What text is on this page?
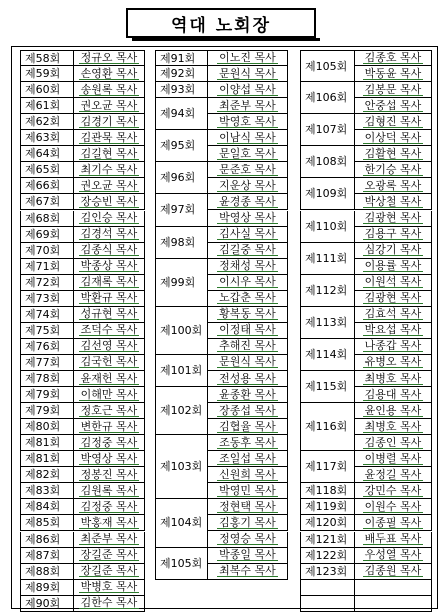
역대 노회장
제58회	정규오 목사
제59회	손영환 목사
제60회	송원록 목사
제61회	권오균 목사
제62회	김경기 목사
제63회	김관묵 목사
제64회	김길현 목사
제65회	최기수 목사
제66회	권오균 목사
제67회	장승빈 목사
제68회	김인승 목사
제69회	김경석 목사
제70회	김종식 목사
제71회	박종상 목사
제72회	김재록 목사
제73회	박환규 목사
제74회	성규현 목사
제75회	조덕수 목사
제76회	김선영 목사
제77회	김국헌 목사
제78회	윤재헌 목사
제79회	이해만 목사
제79회	정호근 목사
제80회	변한규 목사
제81회	김정중 목사
제81회	박영상 목사
제82회	정봉진 목사
제83회	김원록 목사
제84회	김정중 목사
제85회	박홍재 목사
제86회	최준부 목사
제87회	장길준 목사
제88회	장길준 목사
제89회	박병호 목사
제90회	김한수 목사
제91회	이노진 목사
제92회	문원식 목사
제93회	이양섭 목사
제94회
최준부 목사
박영호 목사
제95회
이남식 목사
문일호 목사
제96회
문준호 목사
지운상 목사
제97회
윤경종 목사
박영상 목사
제98회
김사실 목사
김길중 목사
제99회
정채성 목사
이시우 목사
노갑춘 목사
제100회
황복동 목사
이정태 목사
추해진 목사
제101회
문원식 목사
전성용 목사
제102회
윤종환 목사
장종섭 목사
김협율 목사
제103회
조동후 목사
조일섭 목사
신원희 목사
박영민 목사
제104회
정현택 목사
김홍기 목사
정영승 목사
제105회
박종일 목사
최복수 목사
제105회
김종호 목사
박동윤 목사
제106회
김봉문 목사
안중섭 목사
제107회
김형진 목사
이상덕 목사
제108회
김활현 목사
한기승 목사
제109회
오광록 목사
박상철 목사
제110회
김광현 목사
김용구 목사
제111회
심강기 목사
이용률 목사
제112회
이원석 목사
김광현 목사
제113회
김효석 목사
박요섭 목사
제114회
나종갑 목사
유병오 목사
제115회
최병호 목사
김용대 목사
제116회
윤인용 목사
최병호 목사
김종인 목사
제117회
이병렬 목사
윤정길 목사
제118회	강민수 목사
제119회	이원수 목사
제120회	이종필 목사
제121회	배두표 목사
제122회	우성열 목사
제123회	김종원 목사
